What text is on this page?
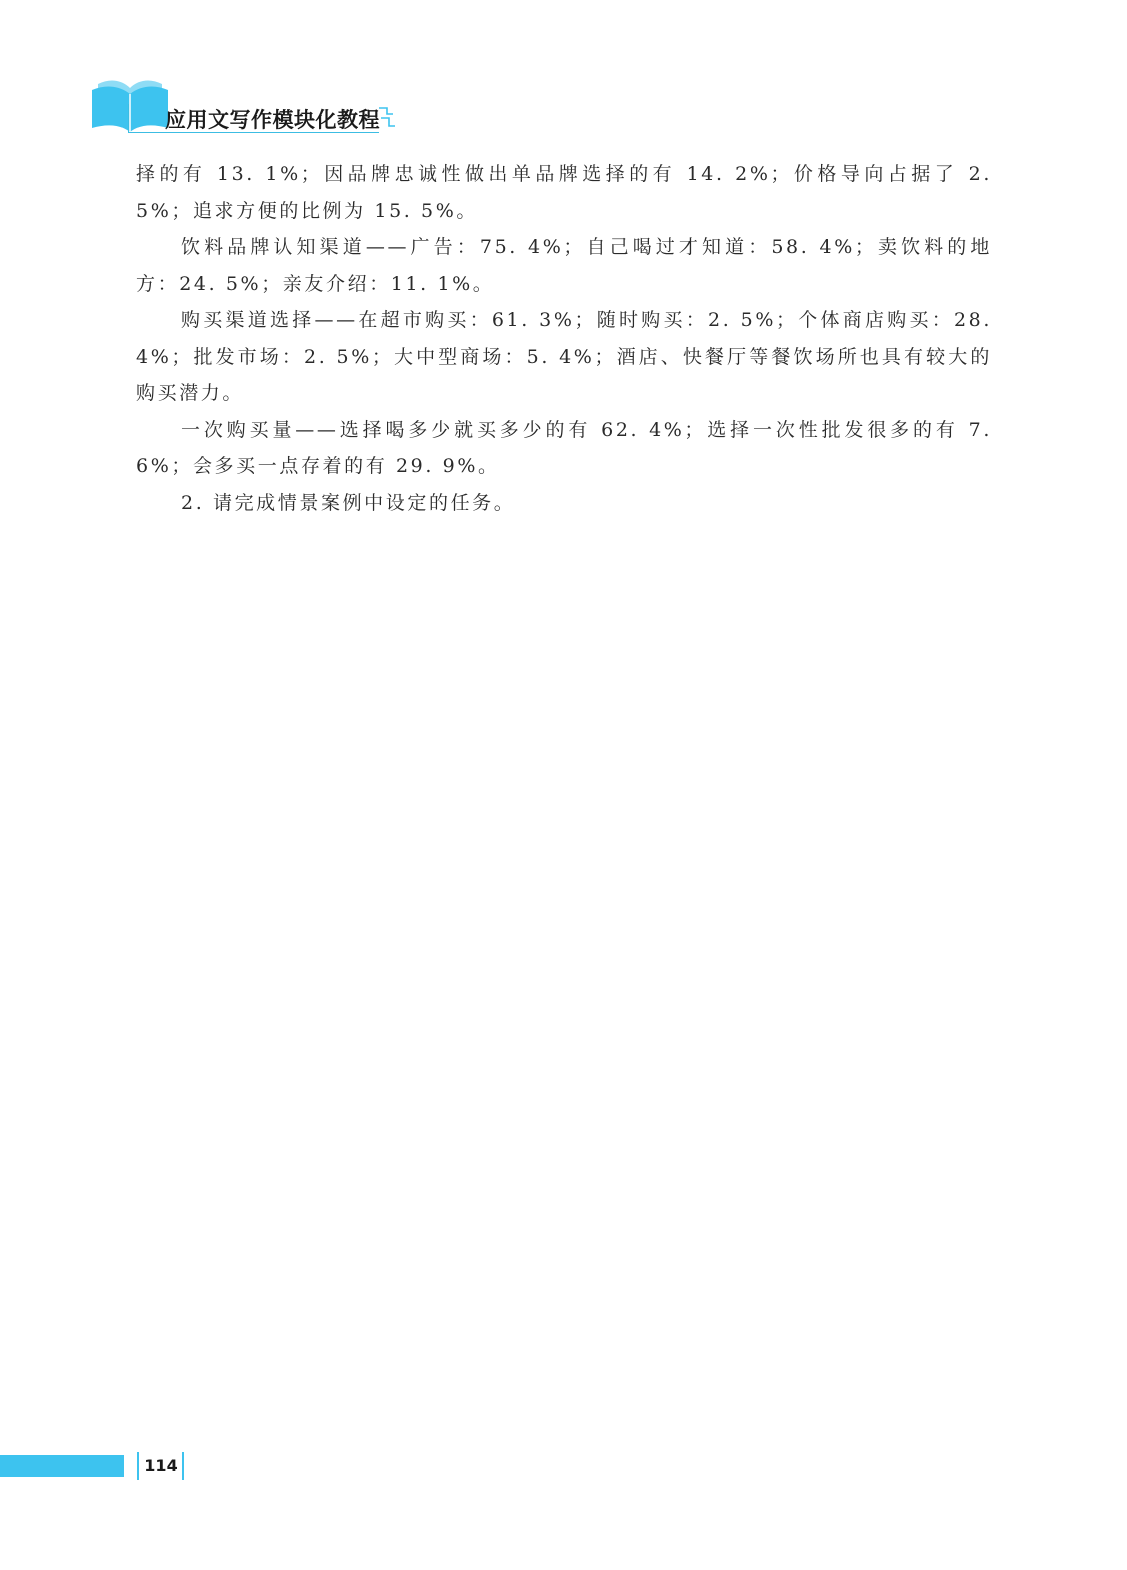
应用文写作模块化教程

择的有 13. 1%；因品牌忠诚性做出单品牌选择的有 14. 2%；价格导向占据了 2. 5%；追求方便的比例为 15. 5%。

饮料品牌认知渠道——广告：75. 4%；自己喝过才知道：58. 4%；卖饮料的地方：24. 5%；亲友介绍：11. 1%。

购买渠道选择——在超市购买：61. 3%；随时购买：2. 5%；个体商店购买：28. 4%；批发市场：2. 5%；大中型商场：5. 4%；酒店、快餐厅等餐饮场所也具有较大的购买潜力。

一次购买量——选择喝多少就买多少的有 62. 4%；选择一次性批发很多的有 7. 6%；会多买一点存着的有 29. 9%。

2. 请完成情景案例中设定的任务。

114
